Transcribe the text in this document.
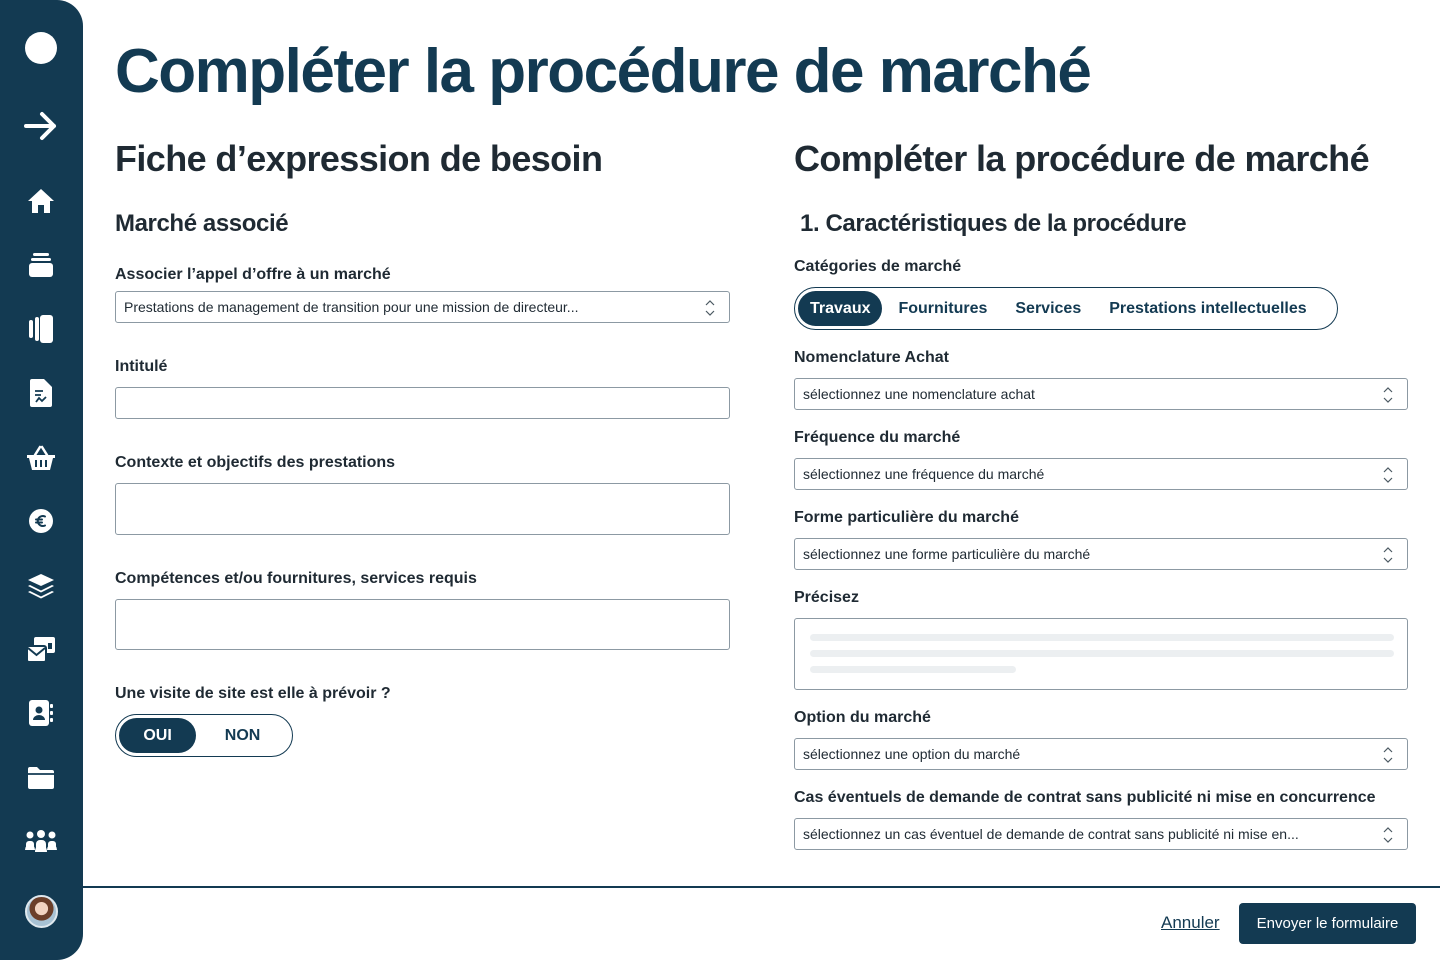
Compléter la procédure de marché
Fiche d’expression de besoin
Marché associé
Associer l’appel d’offre à un marché
Prestations de management de transition pour une mission de directeur...
Intitulé
Contexte et objectifs des prestations
Compétences et/ou fournitures, services requis
Une visite de site est elle à prévoir ?
OUI	NON
Compléter la procédure de marché
1. Caractéristiques de la procédure
Catégories de marché
Travaux	Fournitures	Services	Prestations intellectuelles
Nomenclature Achat
sélectionnez une nomenclature achat
Fréquence du marché
sélectionnez une fréquence du marché
Forme particulière du marché
sélectionnez une forme particulière du marché
Précisez
Option du marché
sélectionnez une option du marché
Cas éventuels de demande de contrat sans publicité ni mise en concurrence
sélectionnez un cas éventuel de demande de contrat sans publicité ni mise en...
Annuler	Envoyer le formulaire
